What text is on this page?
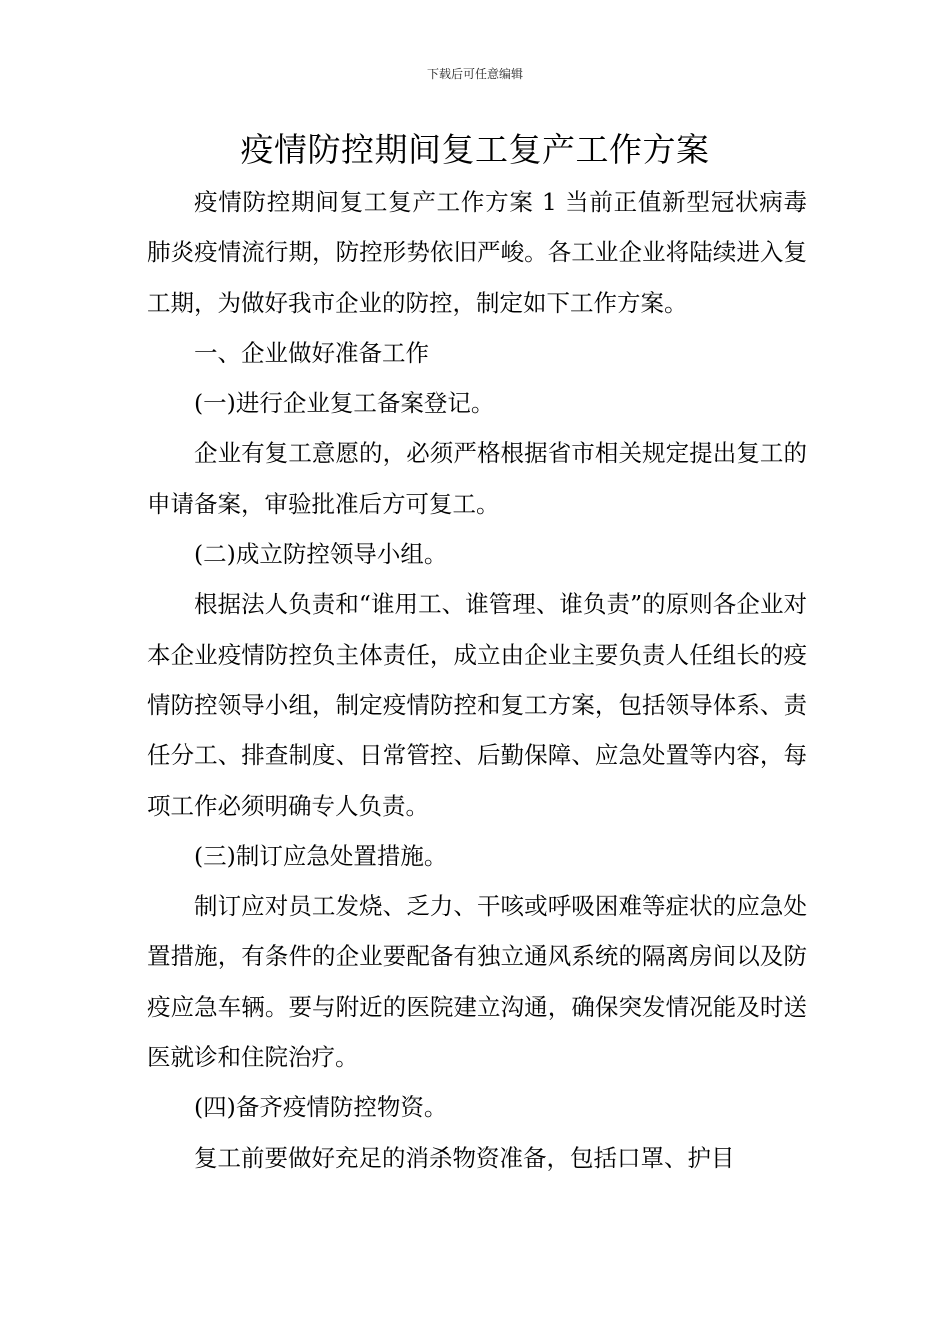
下载后可任意编辑
疫情防控期间复工复产工作方案

疫情防控期间复工复产工作方案 1 当前正值新型冠状病毒肺炎疫情流行期，防控形势依旧严峻。各工业企业将陆续进入复工期，为做好我市企业的防控，制定如下工作方案。

一、企业做好准备工作

(一)进行企业复工备案登记。

企业有复工意愿的，必须严格根据省市相关规定提出复工的申请备案，审验批准后方可复工。

(二)成立防控领导小组。

根据法人负责和“谁用工、谁管理、谁负责”的原则各企业对本企业疫情防控负主体责任，成立由企业主要负责人任组长的疫情防控领导小组，制定疫情防控和复工方案，包括领导体系、责任分工、排查制度、日常管控、后勤保障、应急处置等内容，每项工作必须明确专人负责。

(三)制订应急处置措施。

制订应对员工发烧、乏力、干咳或呼吸困难等症状的应急处置措施，有条件的企业要配备有独立通风系统的隔离房间以及防疫应急车辆。要与附近的医院建立沟通，确保突发情况能及时送医就诊和住院治疗。

(四)备齐疫情防控物资。

复工前要做好充足的消杀物资准备，包括口罩、护目
